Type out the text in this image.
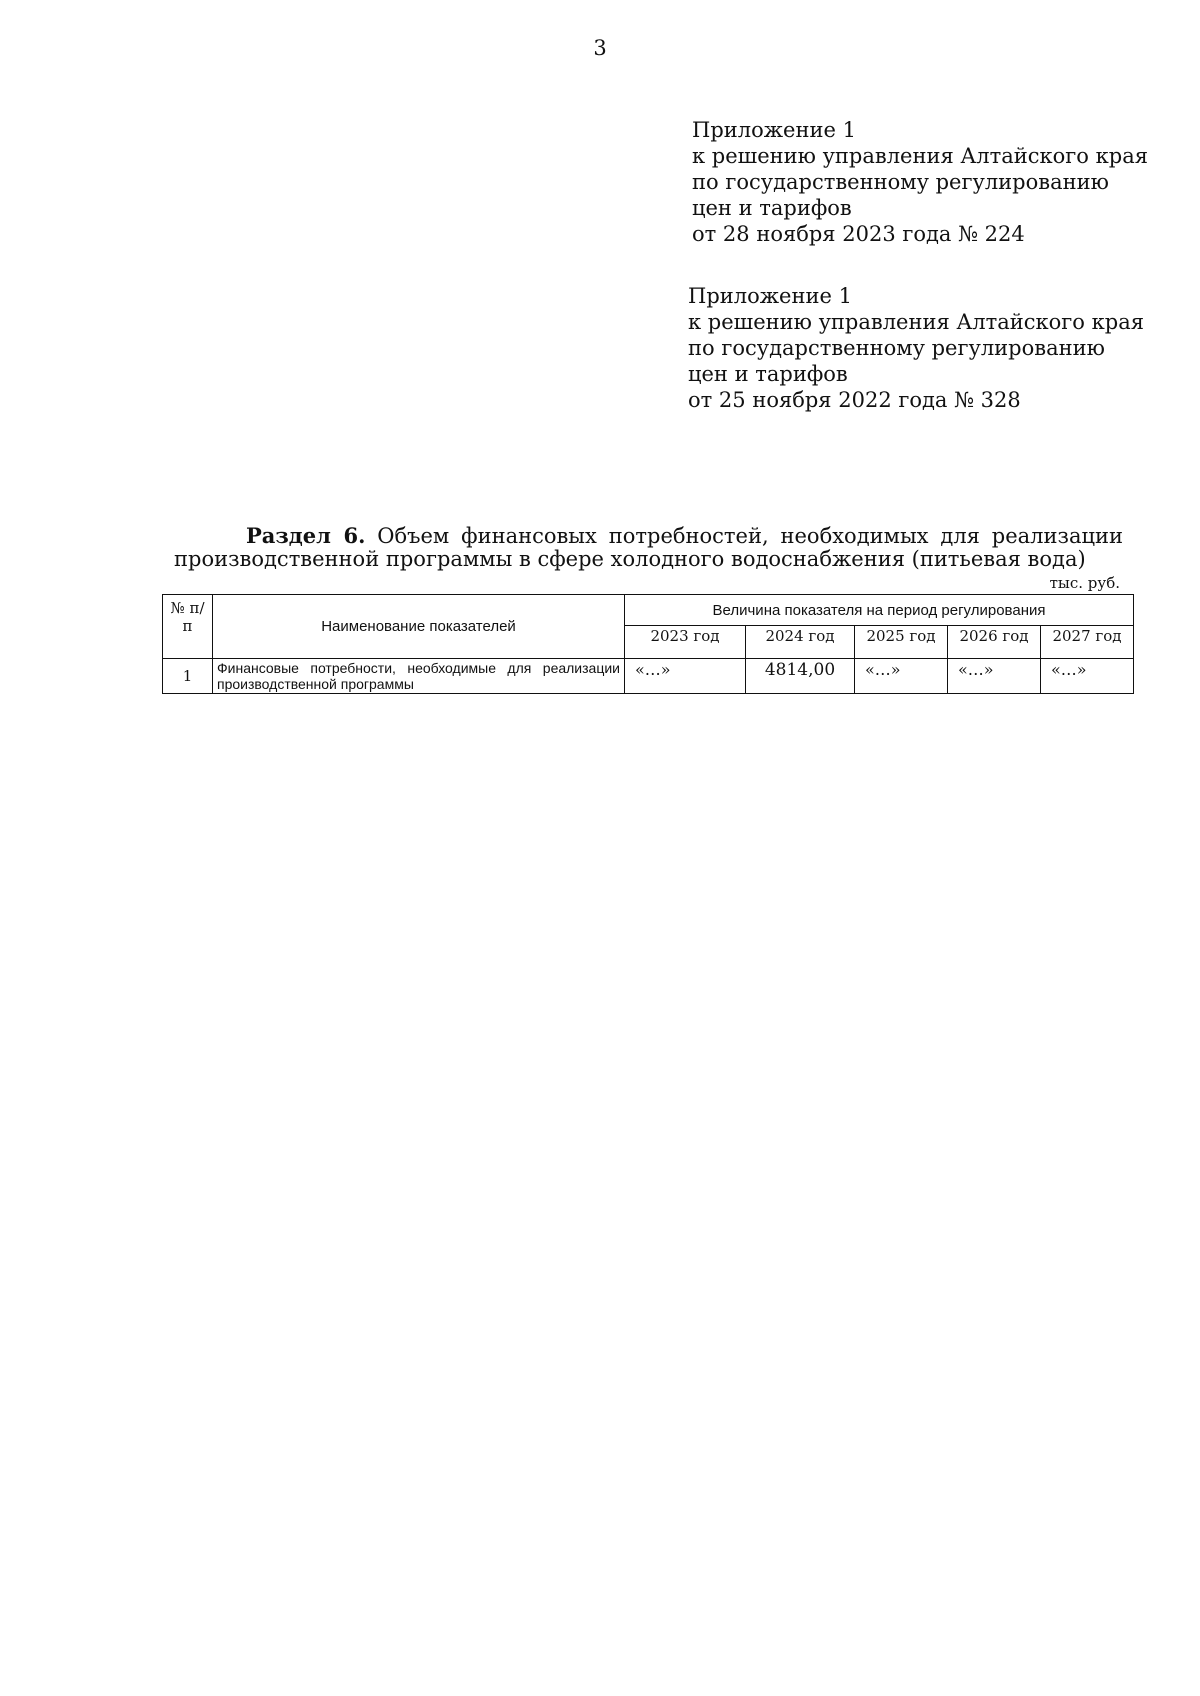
3
Приложение 1
к решению управления Алтайского края
по государственному регулированию
цен и тарифов
от 28 ноября 2023 года № 224
Приложение 1
к решению управления Алтайского края
по государственному регулированию
цен и тарифов
от 25 ноября 2022 года № 328
Раздел 6. Объем финансовых потребностей, необходимых для реализации
производственной программы в сфере холодного водоснабжения (питьевая вода)
тыс. руб.
№ п/п	Наименование показателей	Величина показателя на период регулирования				
		2023 год	2024 год	2025 год	2026 год	2027 год
1	Финансовые потребности, необходимые для реализации производственной программы	«…»	4814,00	«…»	«…»	«…»
